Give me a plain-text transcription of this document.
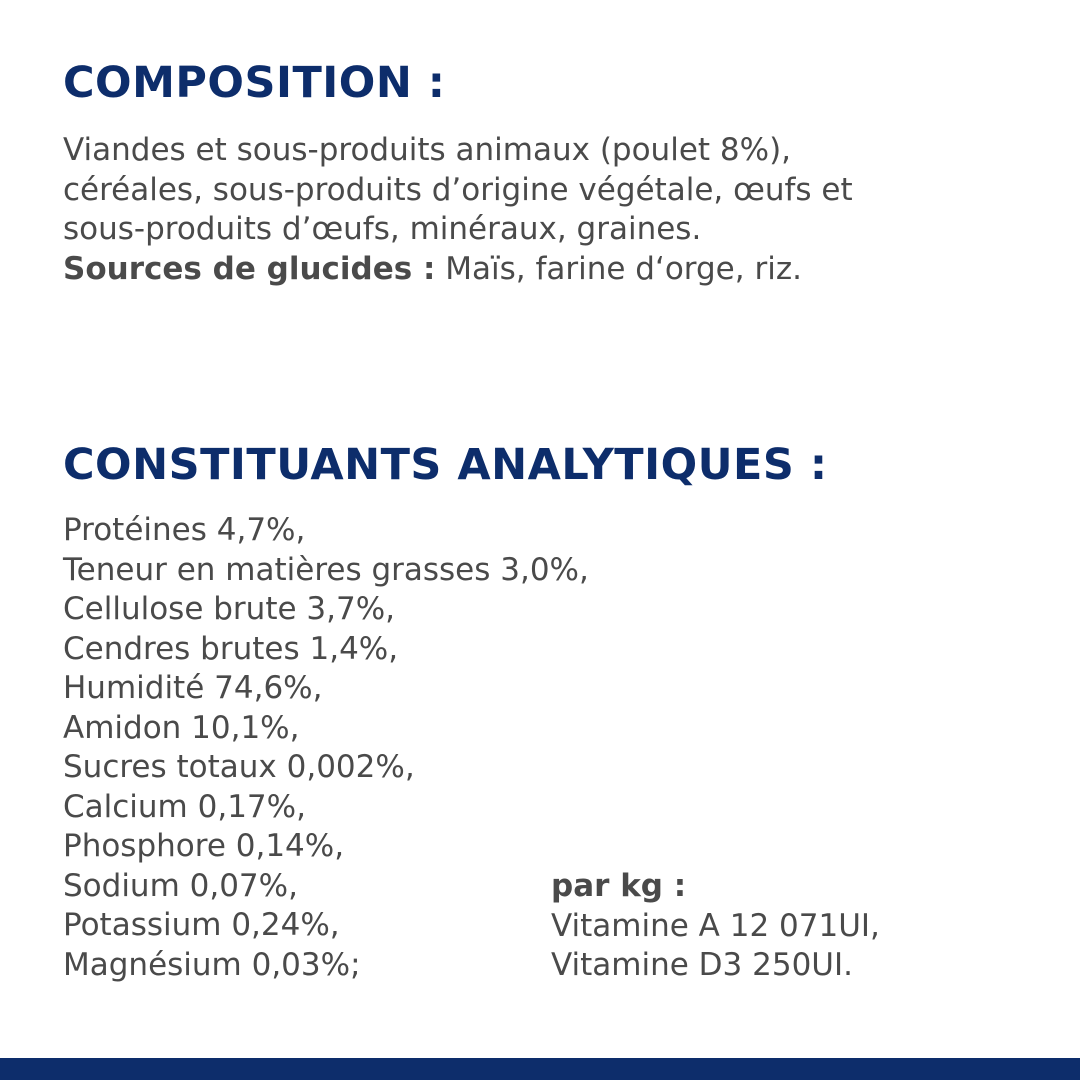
COMPOSITION :
Viandes et sous-produits animaux (poulet 8%),
céréales, sous-produits d’origine végétale, œufs et
sous-produits d’œufs, minéraux, graines.
Sources de glucides : Maïs, farine d‘orge, riz.
CONSTITUANTS ANALYTIQUES :
Protéines 4,7%,
Teneur en matières grasses 3,0%,
Cellulose brute 3,7%,
Cendres brutes 1,4%,
Humidité 74,6%,
Amidon 10,1%,
Sucres totaux 0,002%,
Calcium 0,17%,
Phosphore 0,14%,
Sodium 0,07%,
Potassium 0,24%,
Magnésium 0,03%;
par kg :
Vitamine A 12 071UI,
Vitamine D3 250UI.
